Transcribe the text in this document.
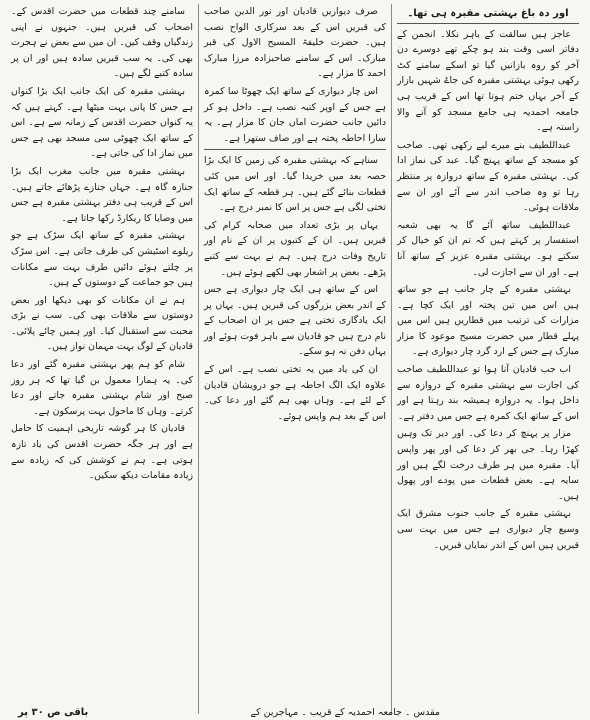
اور دہ باغ بہشتی مقبرہ ہی تھا۔

عاجز ہیں سالقت کے باہر نکلا۔ انجمن کے دفاتر اسی وقت بند ہو چکے تھے دوسرے دن آخر کو روہ بازانیں گیا تو اسکے سامنے کٹ رکھی ہوئی بہشتی مقبرہ کی جاۓ شہیں بازار کے آخر بہاں ختم ہوتا تھا اس کے قریب ہی جامعہ احمدیہ ہی جامع مسجد کو آنے والا راستہ ہے۔

عبداللطیف بنے میرے لیے رکھی تھی۔ صاحب کو مسجد کے ساتھ پہنچ گیا۔ عبد کی نماز ادا کی۔ بہشتی مقبرہ کے ساتھ دروازہ پر منتظر رہا تو وہ صاحب اندر سے آئے اور ان سے ملاقات ہوئی۔

عبداللطیف ساتھ آئے گا یہ بھی شعبہ استفسار پر کہتے ہیں کہ تم ان کو خیال کر سکتے ہو۔ بہشتی مقبرہ عزیز کے ساتھ آنا ہے۔ اور ان سے اجازت لی۔

بہشتی مقبرہ کے چار جانب ہے جو ساتھ ہیں اس میں تین پختہ اور ایک کچا ہے۔ مزارات کی ترتیب میں قطاریں ہیں اس میں پہلے قطار میں حضرت مسیح موعود کا مزار مبارک ہے جس کے ارد گرد چار دیواری ہے۔

اب جب قادیان آنا ہوا تو عبداللطیف صاحب کی اجازت سے بہشتی مقبرہ کے دروازہ سے داخل ہوا۔ یہ دروازہ ہمیشہ بند رہتا ہے اور اس کے ساتھ ایک کمرہ ہے جس میں دفتر ہے۔

مزار پر پہنچ کر دعا کی۔ اور دیر تک وہیں کھڑا رہا۔ جی بھر کر دعا کی اور پھر واپس آیا۔ مقبرہ میں ہر طرف درخت لگے ہیں اور سایہ ہے۔ بعض قطعات میں پودے اور پھول ہیں۔

بہشتی مقبرہ کے جانب جنوب مشرق ایک وسیع چار دیواری ہے جس میں بہت سی قبریں ہیں اس کے اندر نمایاں قبریں۔

صرف دیواریں قادیان اور نور الدین صاحب کی قبریں اس کے بعد سرکاری الواح نصب ہیں۔ حضرت خلیفۃ المسیح الاول کی قبر مبارک۔ اس کے سامنے صاحبزادہ مرزا مبارک احمد کا مزار ہے۔

اس چار دیواری کے ساتھ ایک چھوٹا سا کمرہ ہے جس کے اوپر کتبہ نصب ہے۔ داخل ہو کر دائیں جانب حضرت اماں جان کا مزار ہے۔ یہ سارا احاطہ پختہ ہے اور صاف ستھرا ہے۔

سناہے کہ بہشتی مقبرہ کی زمین کا ایک بڑا حصہ بعد میں خریدا گیا۔ اور اس میں کئی قطعات بنائے گئے ہیں۔ ہر قطعہ کے ساتھ ایک تختی لگی ہے جس پر اس کا نمبر درج ہے۔

یہاں پر بڑی تعداد میں صحابہ کرام کی قبریں ہیں۔ ان کے کتبوں پر ان کے نام اور تاریخ وفات درج ہیں۔ ہم نے بہت سے کتبے پڑھے۔ بعض پر اشعار بھی لکھے ہوئے ہیں۔

اس کے ساتھ ہی ایک چار دیواری ہے جس کے اندر بعض بزرگوں کی قبریں ہیں۔ یہاں پر ایک یادگاری تختی ہے جس پر ان اصحاب کے نام درج ہیں جو قادیان سے باہر فوت ہوئے اور یہاں دفن نہ ہو سکے۔

ان کی یاد میں یہ تختی نصب ہے۔ اس کے علاوہ ایک الگ احاطہ ہے جو درویشان قادیان کے لئے ہے۔ وہاں بھی ہم گئے اور دعا کی۔ اس کے بعد ہم واپس ہوئے۔

سامنے چند قطعات میں حضرت اقدس کے۔ اصحاب کی قبریں ہیں۔ جنہوں نے اپنی زندگیاں وقف کیں۔ ان میں سے بعض نے ہجرت بھی کی۔ یہ سب قبریں سادہ ہیں اور ان پر سادہ کتبے لگے ہیں۔

بہشتی مقبرہ کی ایک جانب ایک بڑا کنواں ہے جس کا پانی بہت میٹھا ہے۔ کہتے ہیں کہ یہ کنواں حضرت اقدس کے زمانہ سے ہے۔ اس کے ساتھ ایک چھوٹی سی مسجد بھی ہے جس میں نماز ادا کی جاتی ہے۔

بہشتی مقبرہ میں جانب مغرب ایک بڑا جنازہ گاہ ہے۔ جہاں جنازے پڑھائے جاتے ہیں۔ اس کے قریب ہی دفتر بہشتی مقبرہ ہے جس میں وصایا کا ریکارڈ رکھا جاتا ہے۔

بہشتی مقبرہ کے ساتھ ایک سڑک ہے جو ریلوے اسٹیشن کی طرف جاتی ہے۔ اس سڑک پر چلتے ہوئے دائیں طرف بہت سے مکانات ہیں جو جماعت کے دوستوں کے ہیں۔

ہم نے ان مکانات کو بھی دیکھا اور بعض دوستوں سے ملاقات بھی کی۔ سب نے بڑی محبت سے استقبال کیا۔ اور ہمیں چائے پلائی۔ قادیان کے لوگ بہت مہمان نواز ہیں۔

شام کو ہم پھر بہشتی مقبرہ گئے اور دعا کی۔ یہ ہمارا معمول بن گیا تھا کہ ہر روز صبح اور شام بہشتی مقبرہ جاتے اور دعا کرتے۔ وہاں کا ماحول بہت پرسکون ہے۔

قادیان کا ہر گوشہ تاریخی اہمیت کا حامل ہے اور ہر جگہ حضرت اقدس کی یاد تازہ ہوتی ہے۔ ہم نے کوشش کی کہ زیادہ سے زیادہ مقامات دیکھ سکیں۔

مقدس ۔ جامعہ احمدیہ کے قریب ۔ مہاجرین کے
باقی ص ۳۰ پر
